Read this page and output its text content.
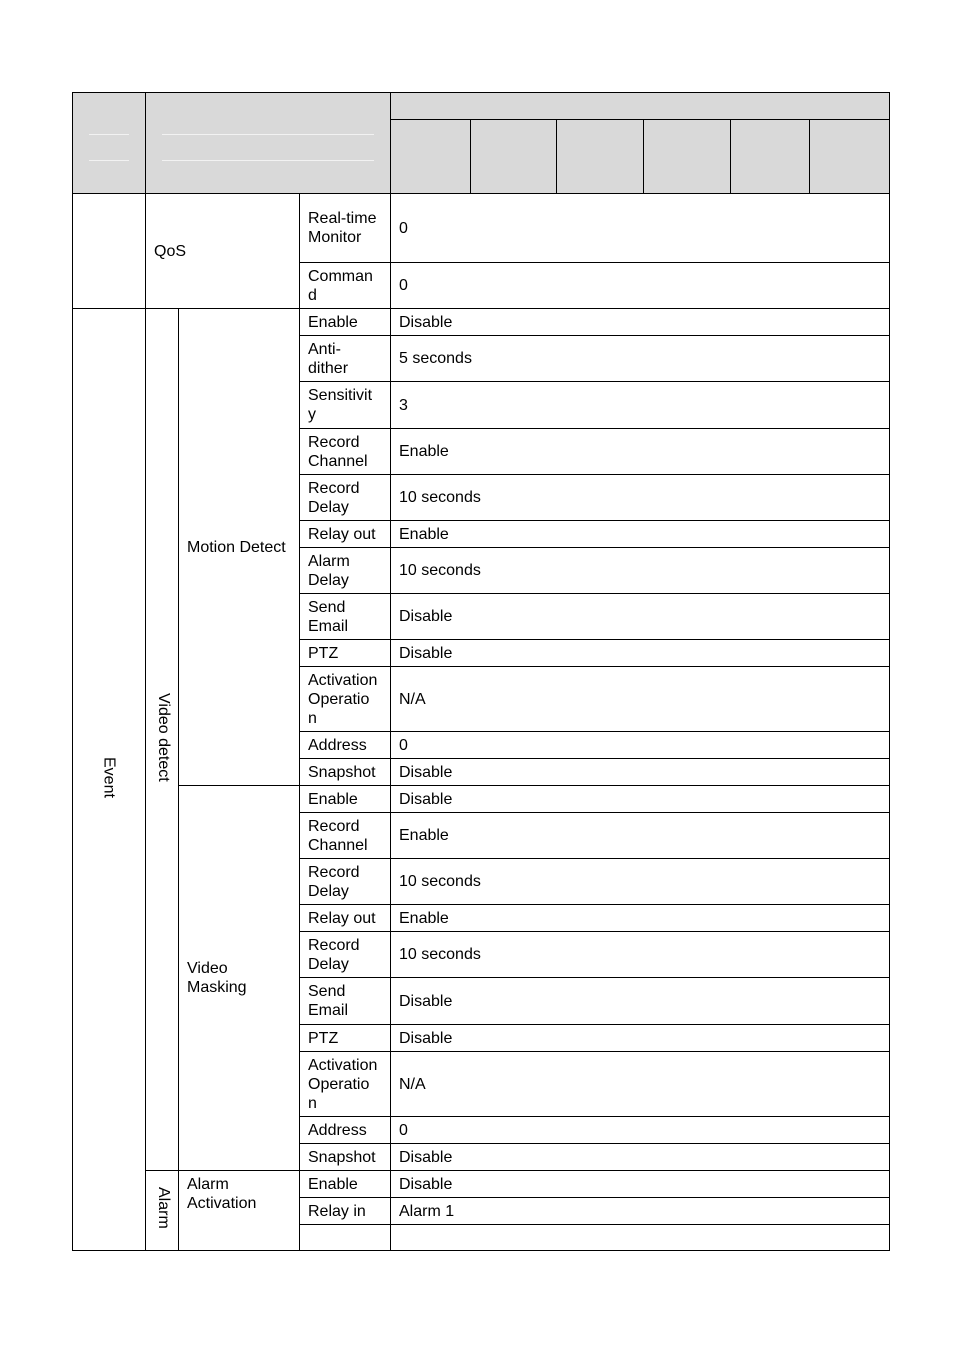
	QoS		Real-time Monitor	0					
			Comman d	0					
Event	Video detect	Motion Detect	Enable	Disable					
			Anti- dither	5 seconds					
			Sensitivit y	3					
			Record Channel	Enable					
			Record Delay	10 seconds					
			Relay out	Enable					
			Alarm Delay	10 seconds					
			Send Email	Disable					
			PTZ	Disable					
			Activation Operatio n	N/A					
			Address	0					
			Snapshot	Disable					
		Video Masking	Enable	Disable					
			Record Channel	Enable					
			Record Delay	10 seconds					
			Relay out	Enable					
			Record Delay	10 seconds					
			Send Email	Disable					
			PTZ	Disable					
			Activation Operatio n	N/A					
			Address	0					
			Snapshot	Disable					
	Alarm	Alarm Activation	Enable	Disable					
			Relay in	Alarm 1					
